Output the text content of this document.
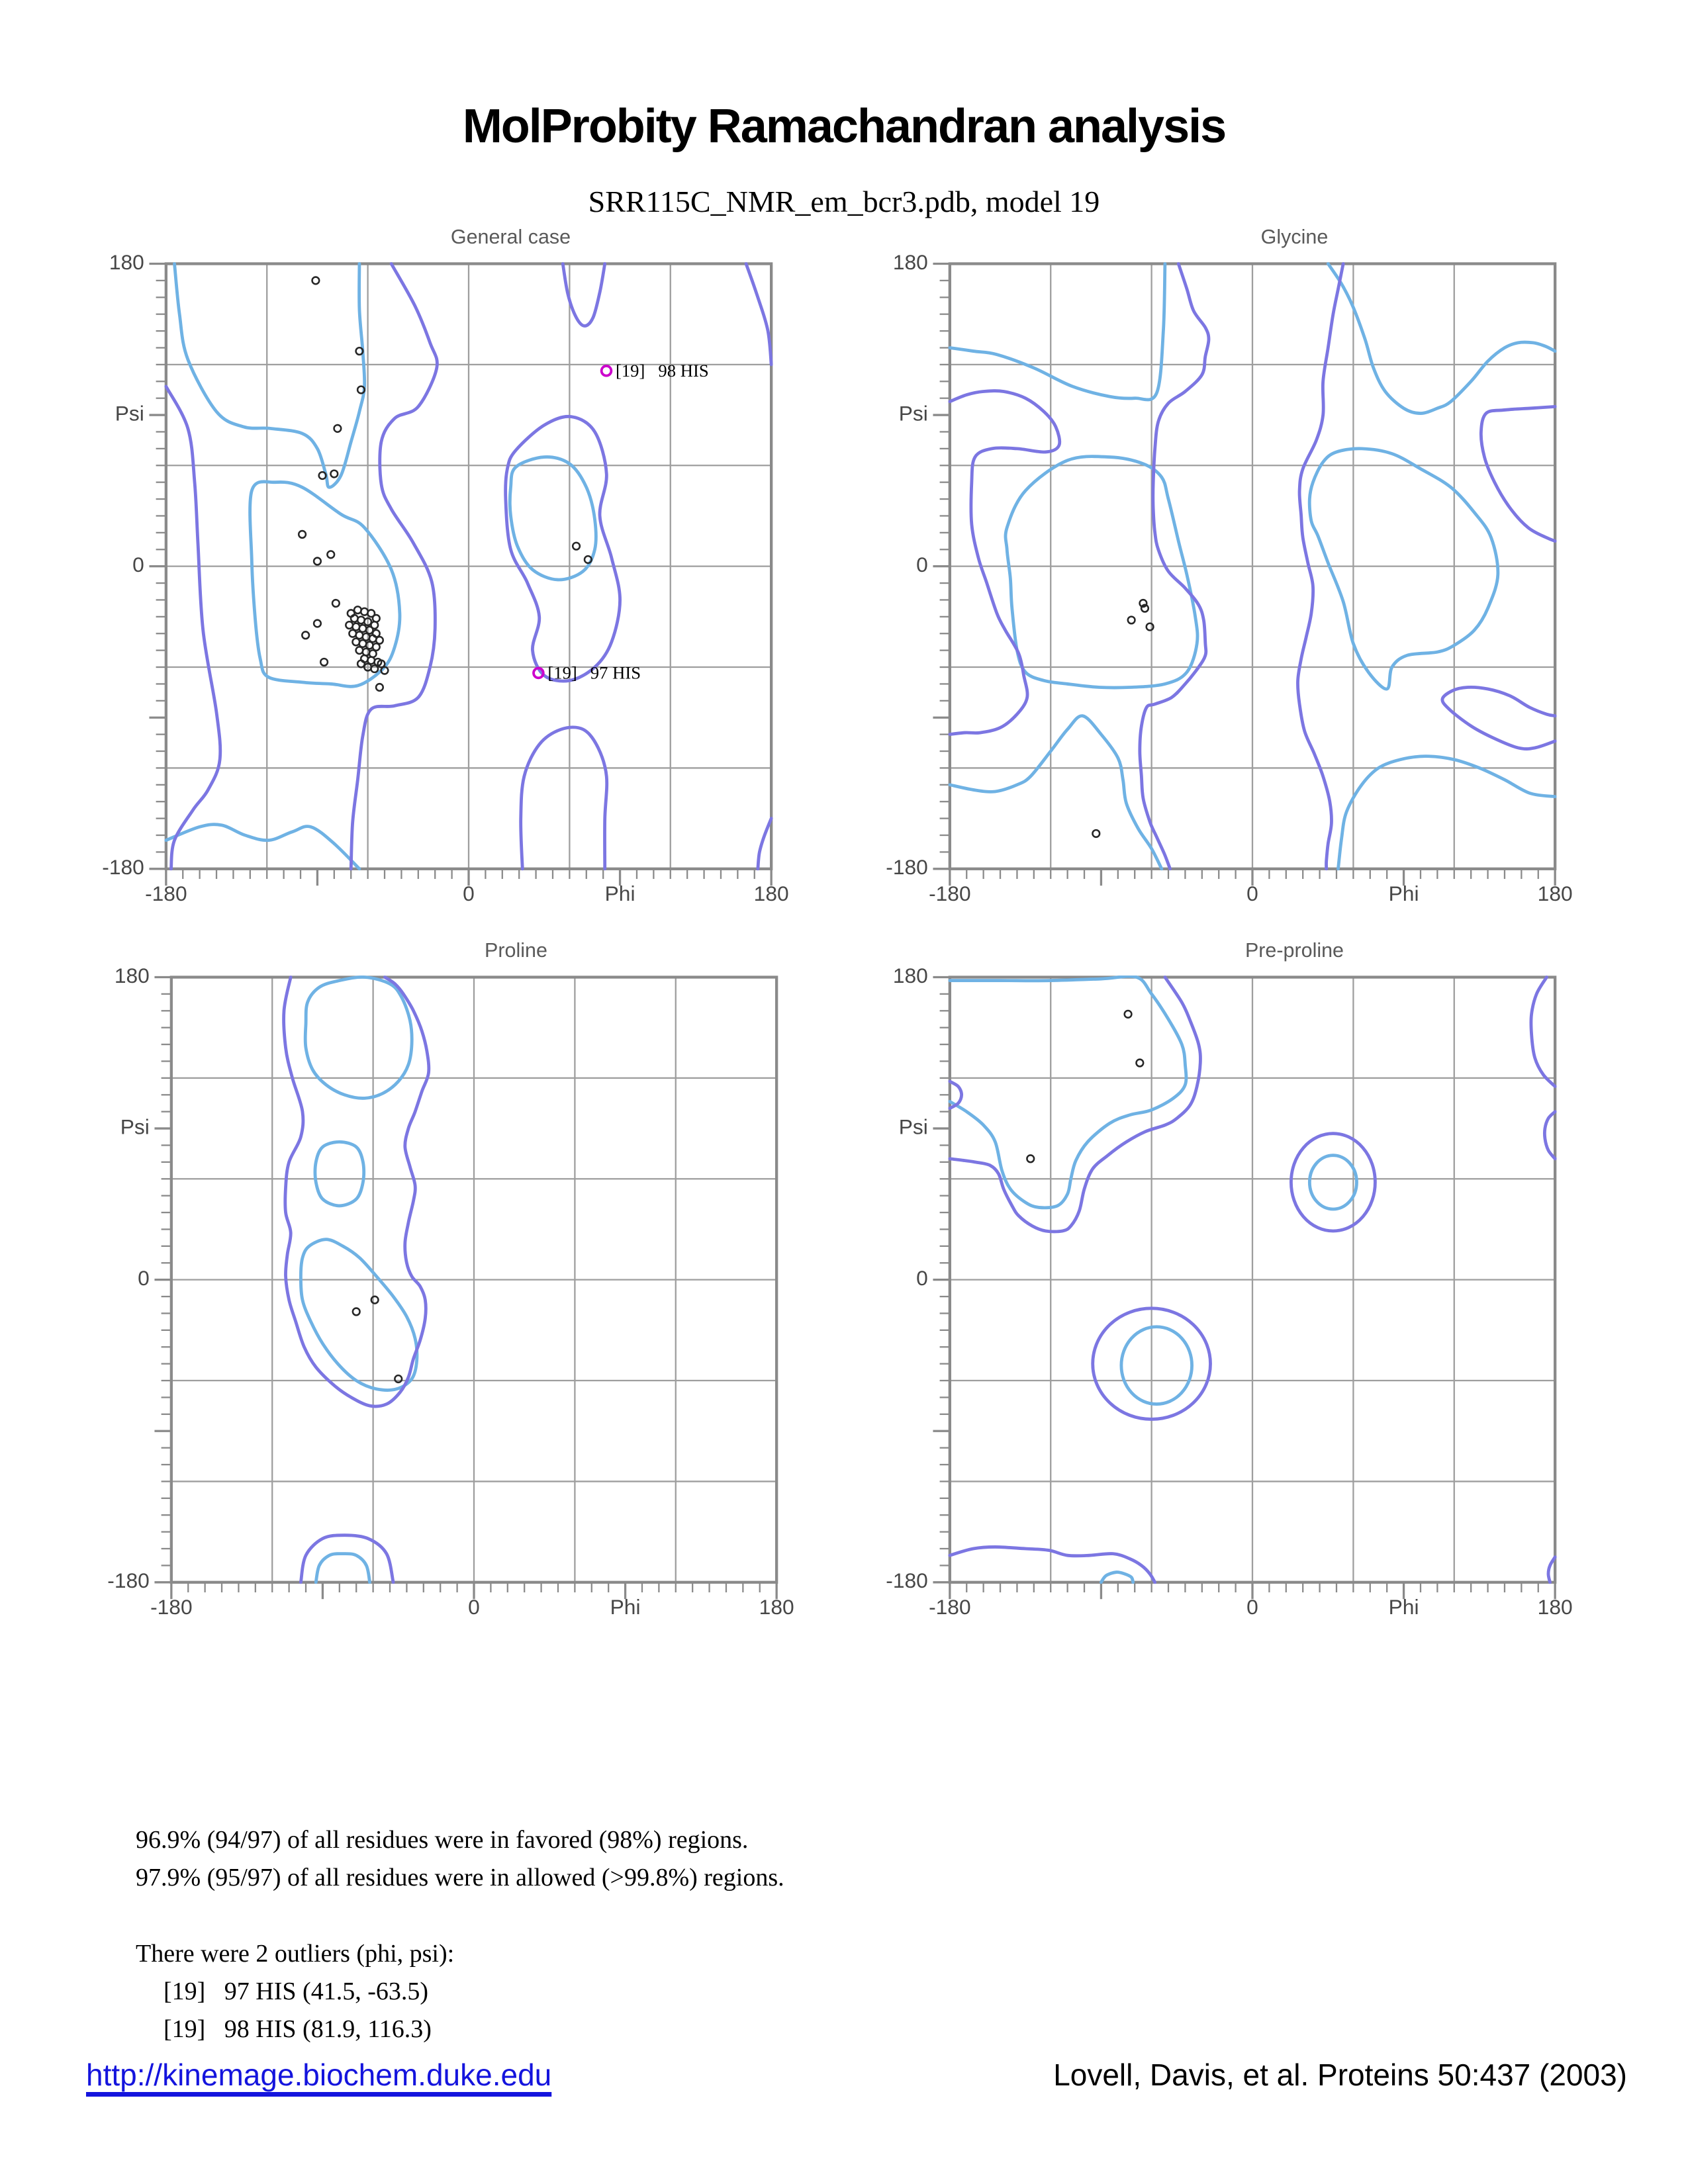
MolProbity Ramachandran analysis
SRR115C_NMR_em_bcr3.pdb, model 19
[19]   98 HIS
[19]   97 HIS
-180	0	Phi	180
180
Psi
0
-180
General case
-180	0	Phi	180
180
Psi
0
-180
Glycine
-180	0	Phi	180
180
Psi
0
-180
Proline
-180	0	Phi	180
180
Psi
0
-180
Pre-proline
96.9% (94/97) of all residues were in favored (98%) regions.
97.9% (95/97) of all residues were in allowed (>99.8%) regions.
There were 2 outliers (phi, psi):
[19]   97 HIS (41.5, -63.5)
[19]   98 HIS (81.9, 116.3)
http://kinemage.biochem.duke.edu	Lovell, Davis, et al. Proteins 50:437 (2003)
